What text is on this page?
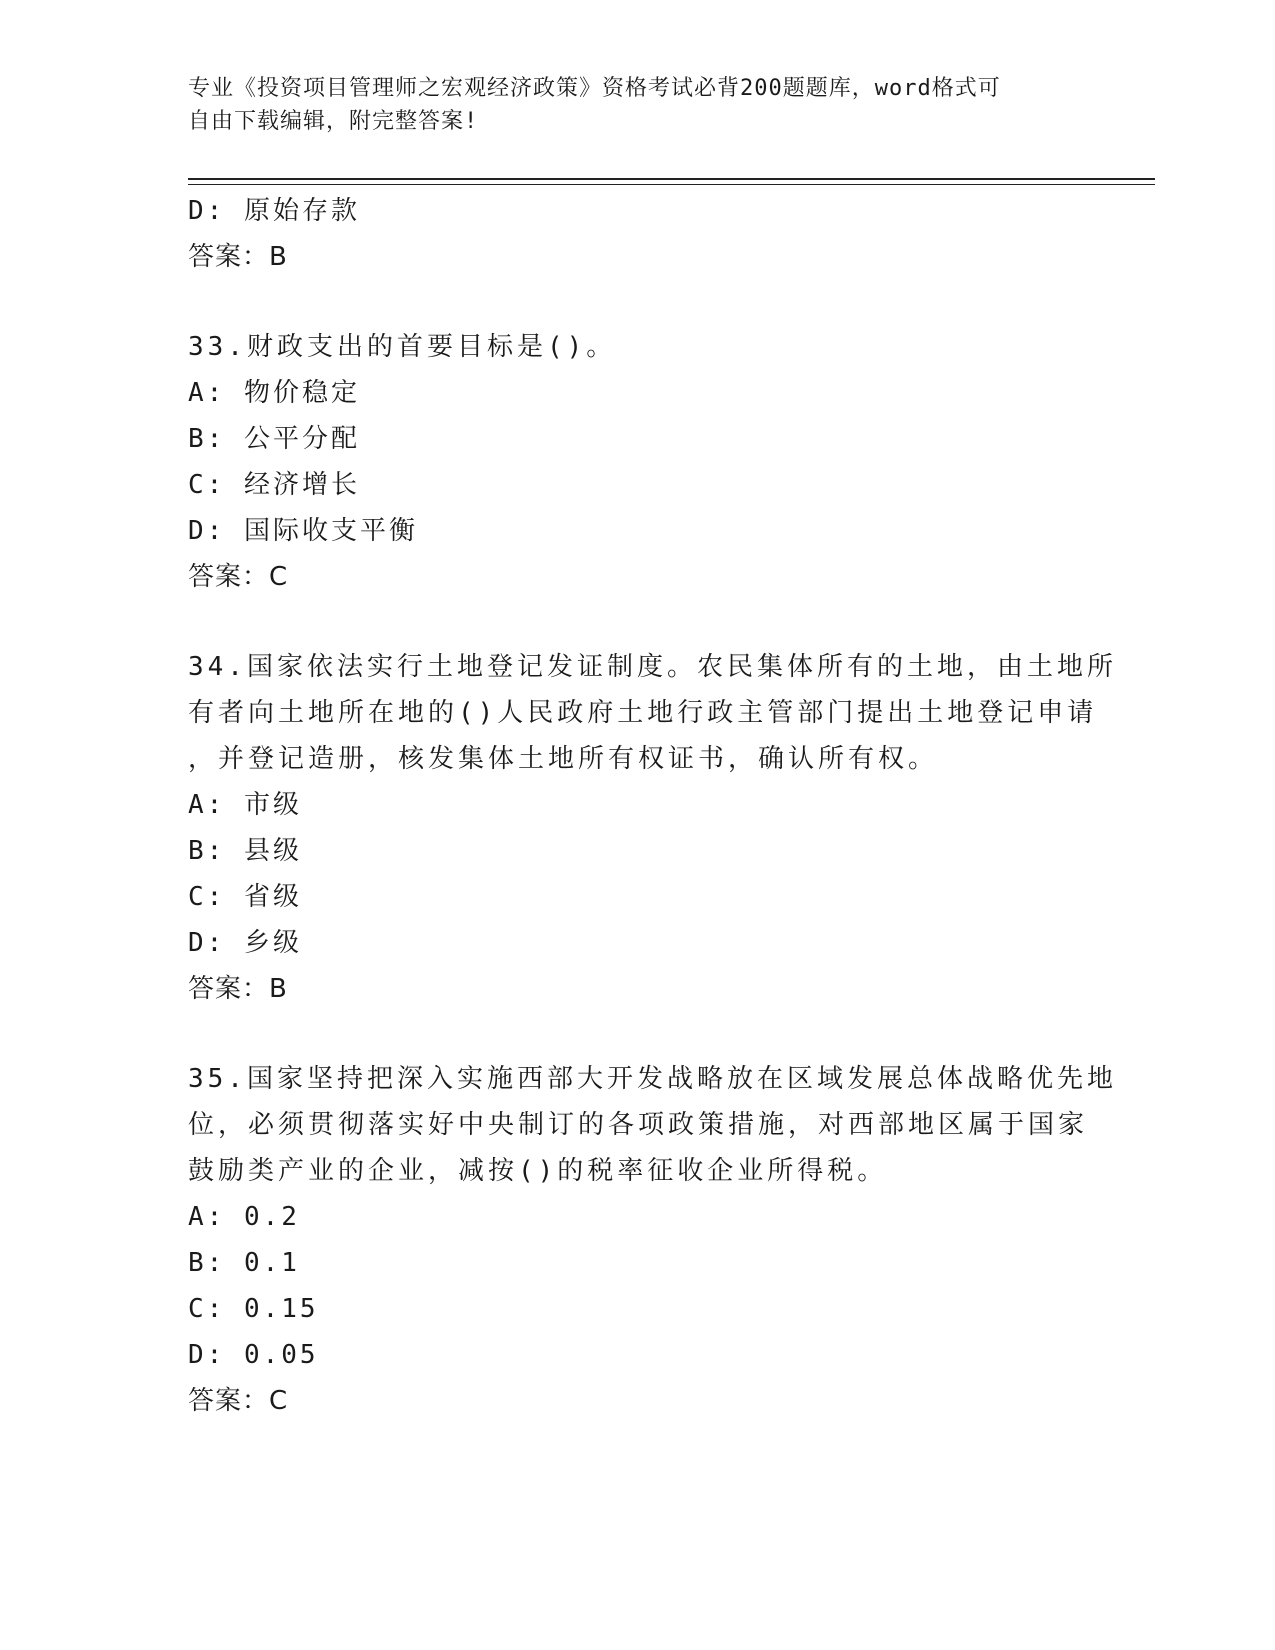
专业《投资项目管理师之宏观经济政策》资格考试必背200题题库，word格式可
自由下载编辑，附完整答案!
D: 原始存款
答案：B
33.财政支出的首要目标是()。
A: 物价稳定
B: 公平分配
C: 经济增长
D: 国际收支平衡
答案：C
34.国家依法实行土地登记发证制度。农民集体所有的土地，由土地所
有者向土地所在地的()人民政府土地行政主管部门提出土地登记申请
，并登记造册，核发集体土地所有权证书，确认所有权。
A: 市级
B: 县级
C: 省级
D: 乡级
答案：B
35.国家坚持把深入实施西部大开发战略放在区域发展总体战略优先地
位，必须贯彻落实好中央制订的各项政策措施，对西部地区属于国家
鼓励类产业的企业，减按()的税率征收企业所得税。
A: 0.2
B: 0.1
C: 0.15
D: 0.05
答案：C
